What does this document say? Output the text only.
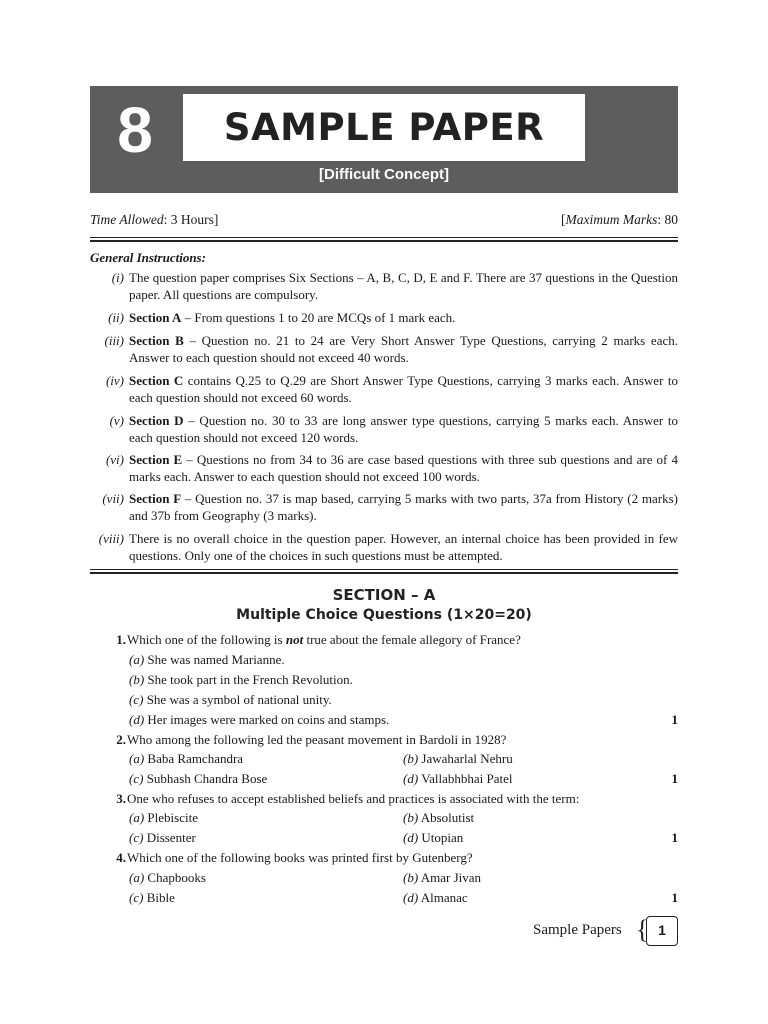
8	SAMPLE PAPER
[Difficult Concept]
Time Allowed: 3 Hours]	[Maximum Marks: 80
General Instructions:
(i) The question paper comprises Six Sections – A, B, C, D, E and F. There are 37 questions in the Question paper. All questions are compulsory.
(ii) Section A – From questions 1 to 20 are MCQs of 1 mark each.
(iii) Section B – Question no. 21 to 24 are Very Short Answer Type Questions, carrying 2 marks each. Answer to each question should not exceed 40 words.
(iv) Section C contains Q.25 to Q.29 are Short Answer Type Questions, carrying 3 marks each. Answer to each question should not exceed 60 words.
(v) Section D – Question no. 30 to 33 are long answer type questions, carrying 5 marks each. Answer to each question should not exceed 120 words.
(vi) Section E – Questions no from 34 to 36 are case based questions with three sub questions and are of 4 marks each. Answer to each question should not exceed 100 words.
(vii) Section F – Question no. 37 is map based, carrying 5 marks with two parts, 37a from History (2 marks) and 37b from Geography (3 marks).
(viii) There is no overall choice in the question paper. However, an internal choice has been provided in few questions. Only one of the choices in such questions must be attempted.
SECTION – A
Multiple Choice Questions (1×20=20)
1. Which one of the following is not true about the female allegory of France?
(a) She was named Marianne.
(b) She took part in the French Revolution.
(c) She was a symbol of national unity.
(d) Her images were marked on coins and stamps.	1
2. Who among the following led the peasant movement in Bardoli in 1928?
(a) Baba Ramchandra	(b) Jawaharlal Nehru
(c) Subhash Chandra Bose	(d) Vallabhbhai Patel	1
3. One who refuses to accept established beliefs and practices is associated with the term:
(a) Plebiscite	(b) Absolutist
(c) Dissenter	(d) Utopian	1
4. Which one of the following books was printed first by Gutenberg?
(a) Chapbooks	(b) Amar Jivan
(c) Bible	(d) Almanac	1
Sample Papers { 1
